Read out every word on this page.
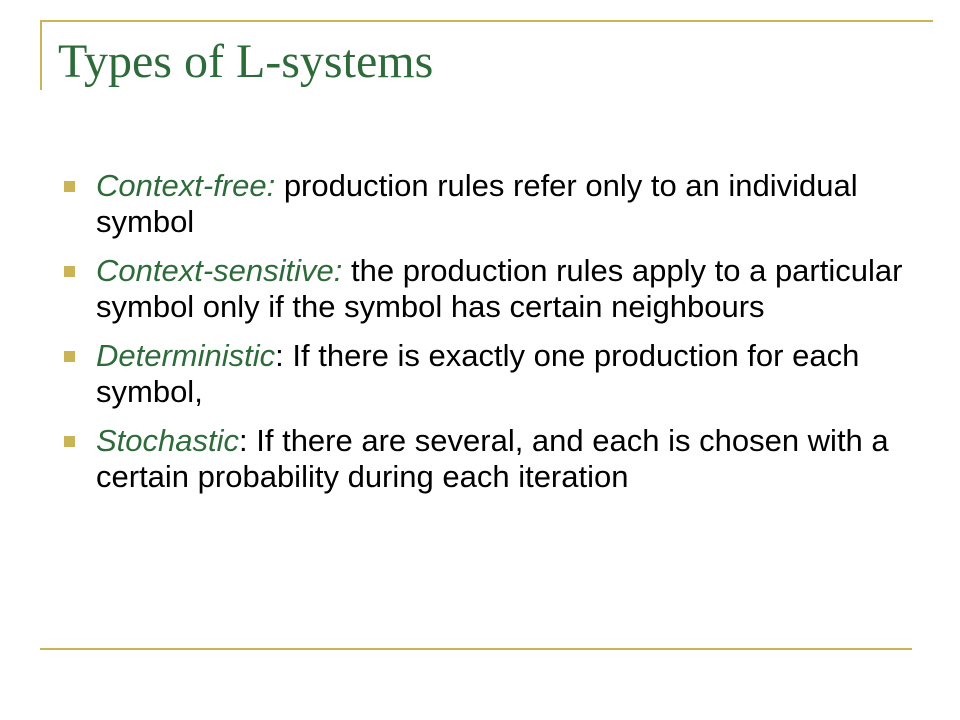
Types of L-systems
Context-free: production rules refer only to an individual symbol
Context-sensitive: the production rules apply to a particular symbol only if the symbol has certain neighbours
Deterministic: If there is exactly one production for each symbol,
Stochastic: If there are several, and each is chosen with a certain probability during each iteration
